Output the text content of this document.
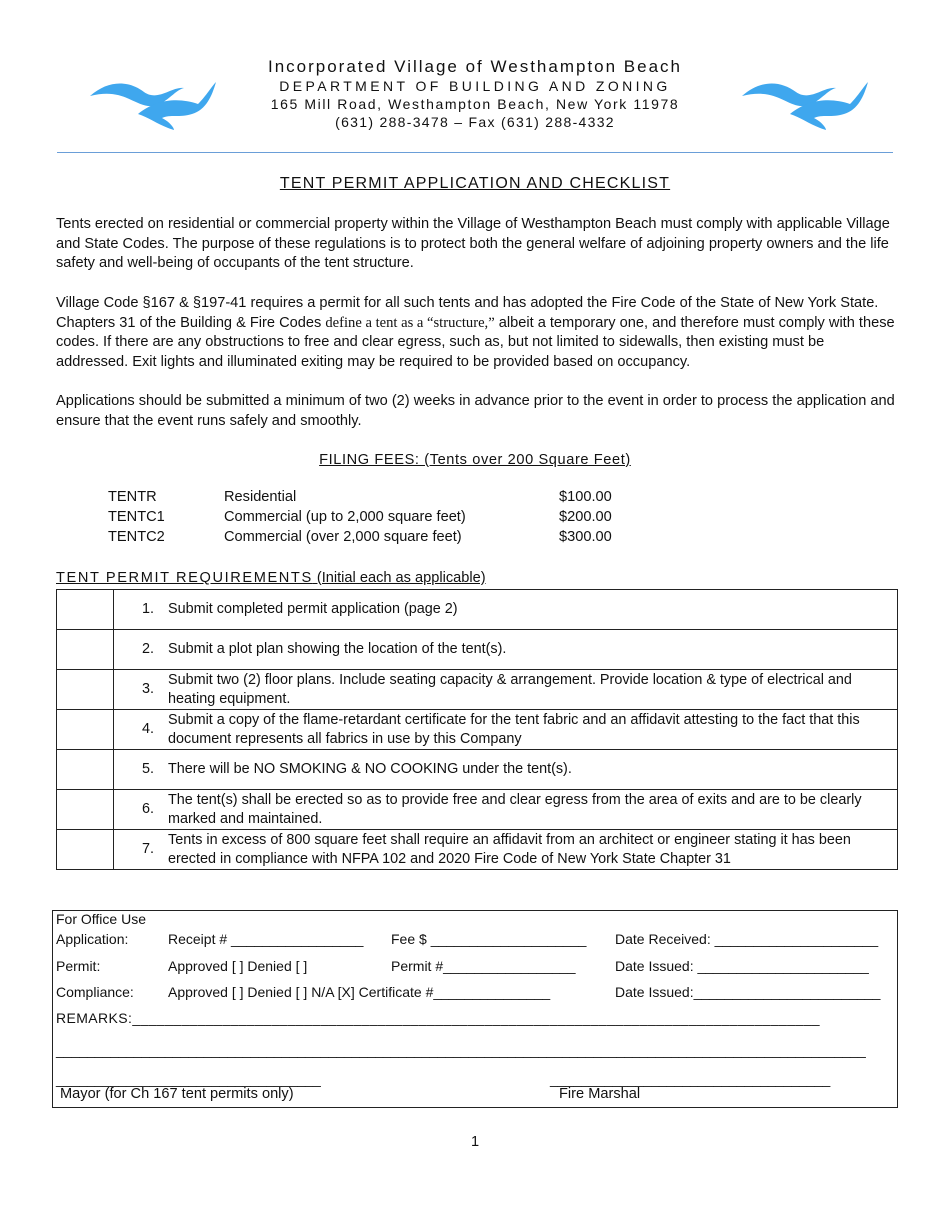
Incorporated Village of Westhampton Beach
DEPARTMENT OF BUILDING AND ZONING
165 Mill Road, Westhampton Beach, New York 11978
(631) 288-3478 – Fax (631) 288-4332
TENT PERMIT APPLICATION AND CHECKLIST
Tents erected on residential or commercial property within the Village of Westhampton Beach must comply with applicable Village and State Codes. The purpose of these regulations is to protect both the general welfare of adjoining property owners and the life safety and well-being of occupants of the tent structure.
Village Code §167 & §197-41 requires a permit for all such tents and has adopted the Fire Code of the State of New York State. Chapters 31 of the Building & Fire Codes define a tent as a “structure,” albeit a temporary one, and therefore must comply with these codes. If there are any obstructions to free and clear egress, such as, but not limited to sidewalls, then existing must be addressed. Exit lights and illuminated exiting may be required to be provided based on occupancy.
Applications should be submitted a minimum of two (2) weeks in advance prior to the event in order to process the application and ensure that the event runs safely and smoothly.
FILING FEES: (Tents over 200 Square Feet)
TENTR	Residential	$100.00
TENTC1	Commercial (up to 2,000 square feet)	$200.00
TENTC2	Commercial (over 2,000 square feet)	$300.00
TENT PERMIT REQUIREMENTS (Initial each as applicable)
	1.	Submit completed permit application (page 2)
	2.	Submit a plot plan showing the location of the tent(s).
	3.	Submit two (2) floor plans. Include seating capacity & arrangement. Provide location & type of electrical and heating equipment.
	4.	Submit a copy of the flame-retardant certificate for the tent fabric and an affidavit attesting to the fact that this document represents all fabrics in use by this Company
	5.	There will be NO SMOKING & NO COOKING under the tent(s).
	6.	The tent(s) shall be erected so as to provide free and clear egress from the area of exits and are to be clearly marked and maintained.
	7.	Tents in excess of 800 square feet shall require an affidavit from an architect or engineer stating it has been erected in compliance with NFPA 102 and 2020 Fire Code of New York State Chapter 31
For Office Use
Application:	Receipt # _________________ Fee $ ____________________ Date Received: _____________________
Permit:	Approved [ ] Denied [ ]	Permit #_________________	Date Issued: ______________________
Compliance: Approved [ ] Denied [ ] N/A [X] Certificate #_______________	Date Issued:________________________
REMARKS:____________________________________________________________________________________
________________________________________________________________________________________________________
__________________________________	____________________________________
Mayor (for Ch 167 tent permits only)	Fire Marshal
1
